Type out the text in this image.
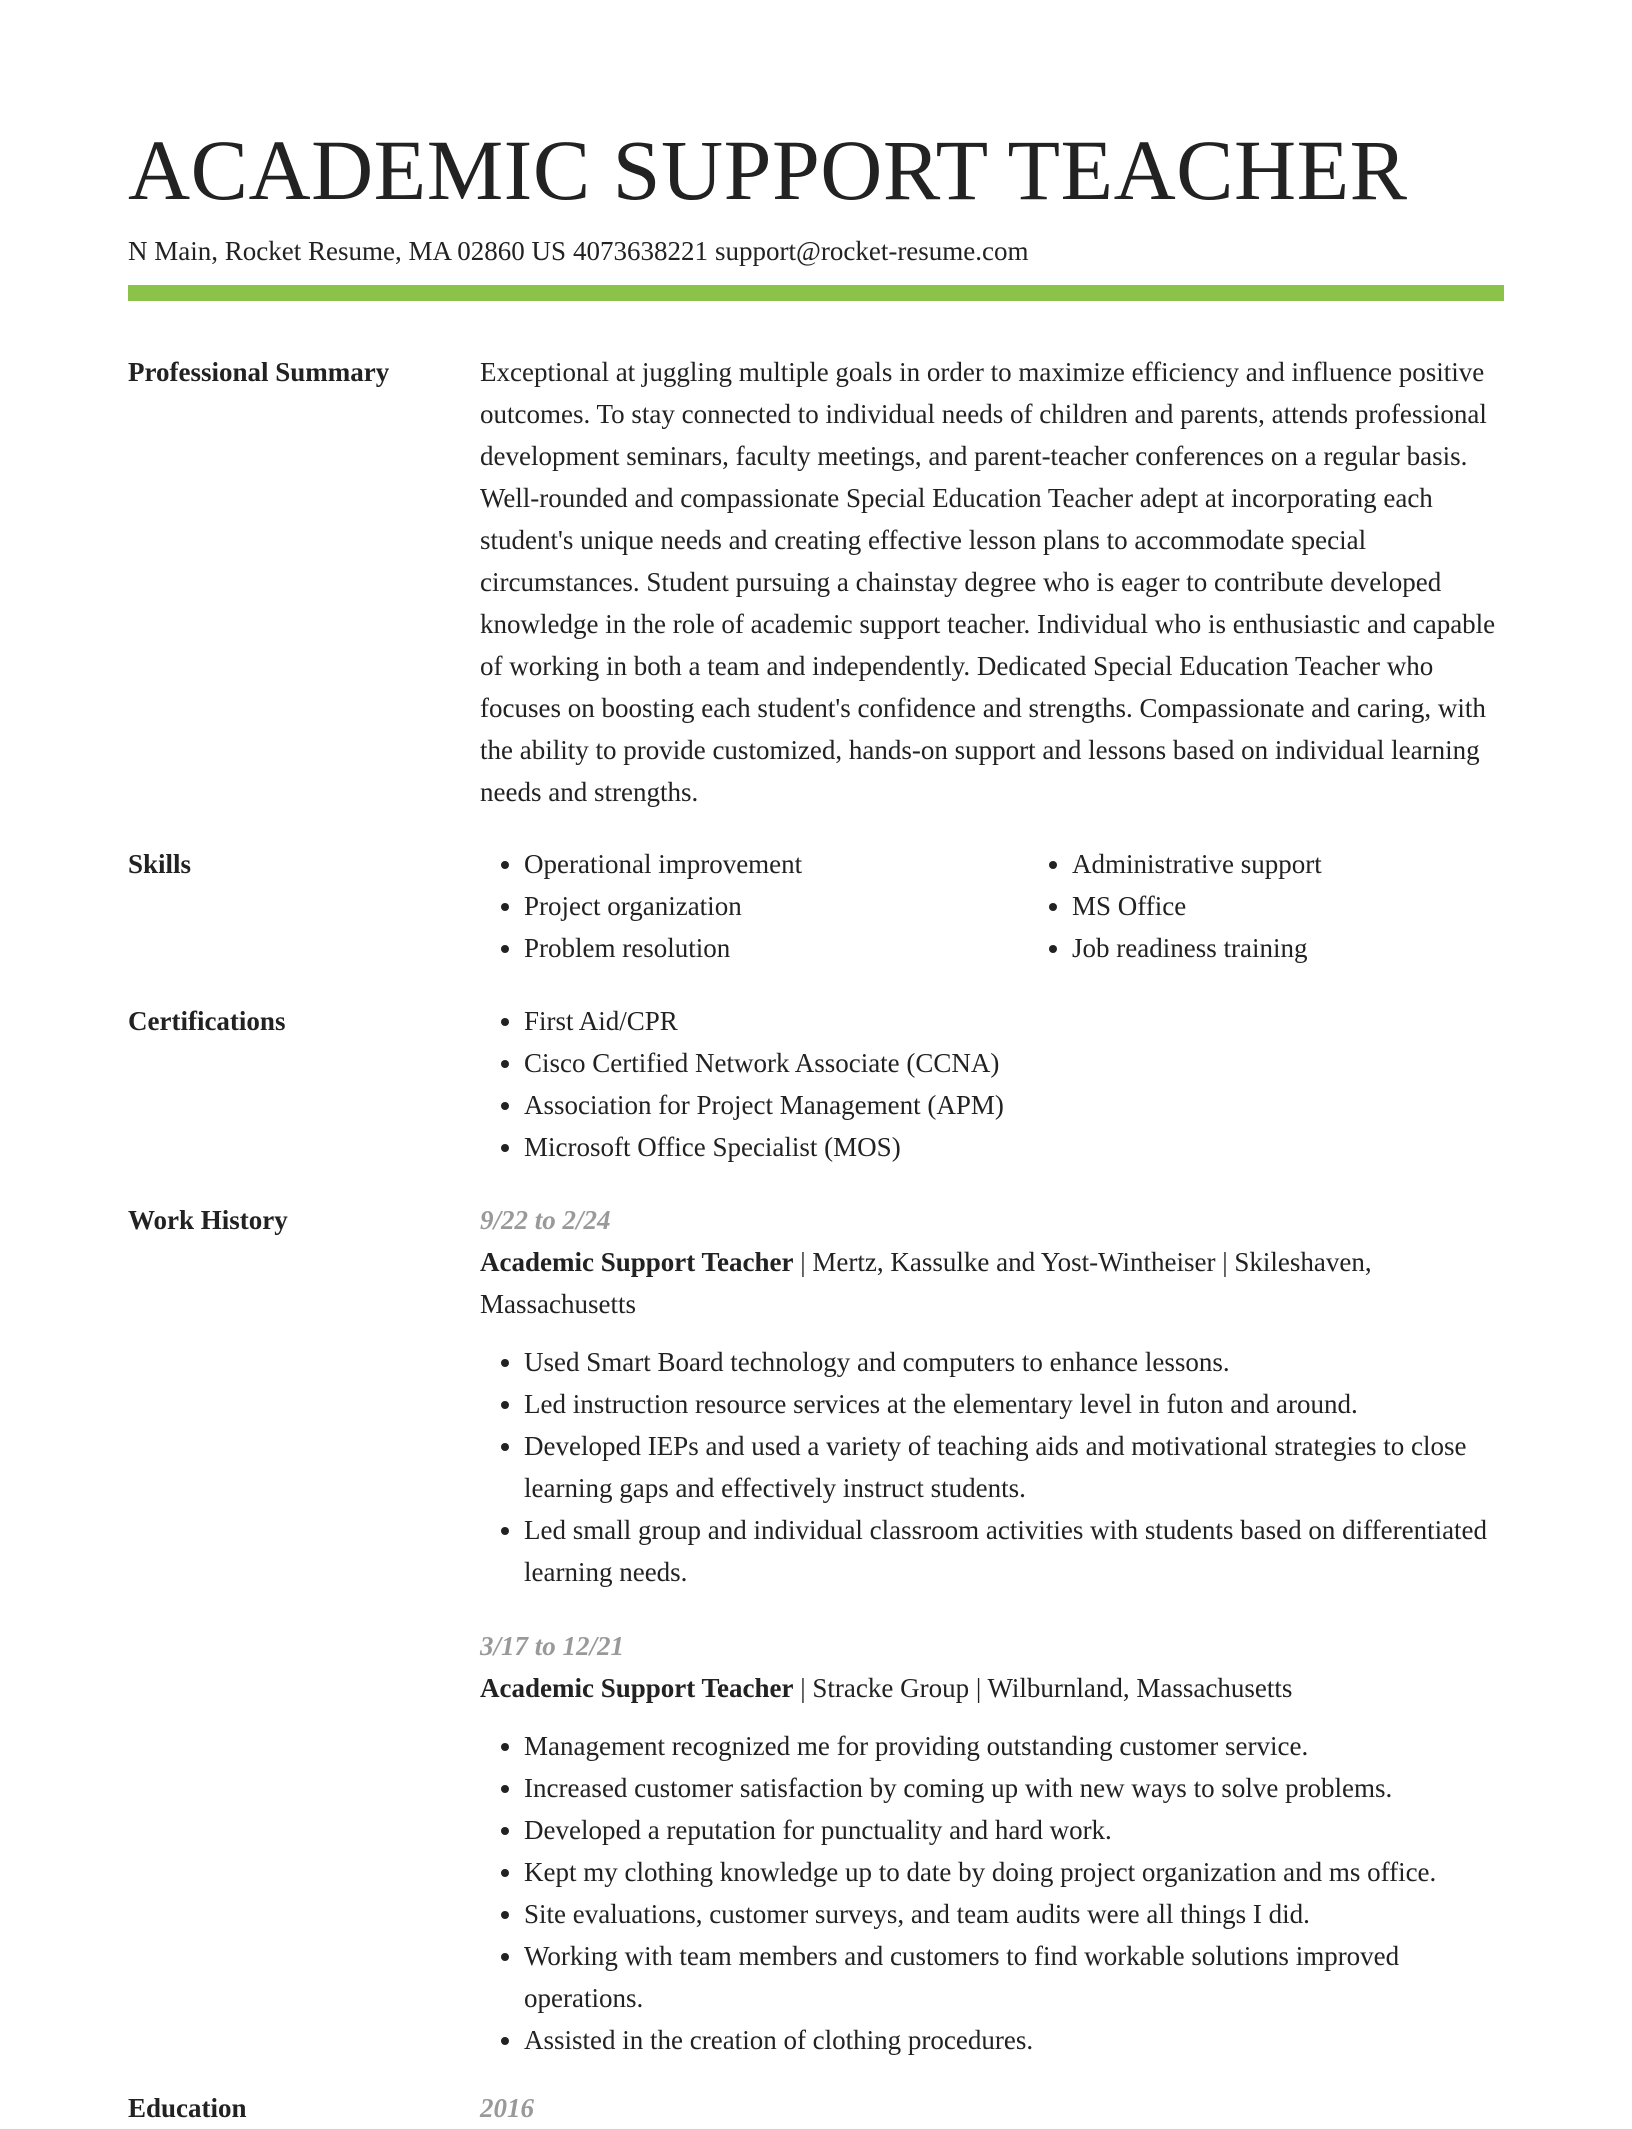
ACADEMIC SUPPORT TEACHER
N Main, Rocket Resume, MA 02860 US 4073638221 support@rocket-resume.com
Professional Summary	Exceptional at juggling multiple goals in order to maximize efficiency and influence positive outcomes. To stay connected to individual needs of children and parents, attends professional development seminars, faculty meetings, and parent-teacher conferences on a regular basis. Well-rounded and compassionate Special Education Teacher adept at incorporating each student's unique needs and creating effective lesson plans to accommodate special circumstances. Student pursuing a chainstay degree who is eager to contribute developed knowledge in the role of academic support teacher. Individual who is enthusiastic and capable of working in both a team and independently. Dedicated Special Education Teacher who focuses on boosting each student's confidence and strengths. Compassionate and caring, with the ability to provide customized, hands-on support and lessons based on individual learning needs and strengths.

Skills	• Operational improvement
• Project organization
• Problem resolution
• Administrative support
• MS Office
• Job readiness training
Certifications	• First Aid/CPR
• Cisco Certified Network Associate (CCNA)
• Association for Project Management (APM)
• Microsoft Office Specialist (MOS)
Work History	9/22 to 2/24

Academic Support Teacher | Mertz, Kassulke and Yost-Wintheiser | Skileshaven, Massachusetts

• Used Smart Board technology and computers to enhance lessons.
• Led instruction resource services at the elementary level in futon and around.
• Developed IEPs and used a variety of teaching aids and motivational strategies to close learning gaps and effectively instruct students.
• Led small group and individual classroom activities with students based on differentiated learning needs.
3/17 to 12/21

Academic Support Teacher | Stracke Group | Wilburnland, Massachusetts

• Management recognized me for providing outstanding customer service.
• Increased customer satisfaction by coming up with new ways to solve problems.
• Developed a reputation for punctuality and hard work.
• Kept my clothing knowledge up to date by doing project organization and ms office.
• Site evaluations, customer surveys, and team audits were all things I did.
• Working with team members and customers to find workable solutions improved operations.
• Assisted in the creation of clothing procedures.
Education	2016
